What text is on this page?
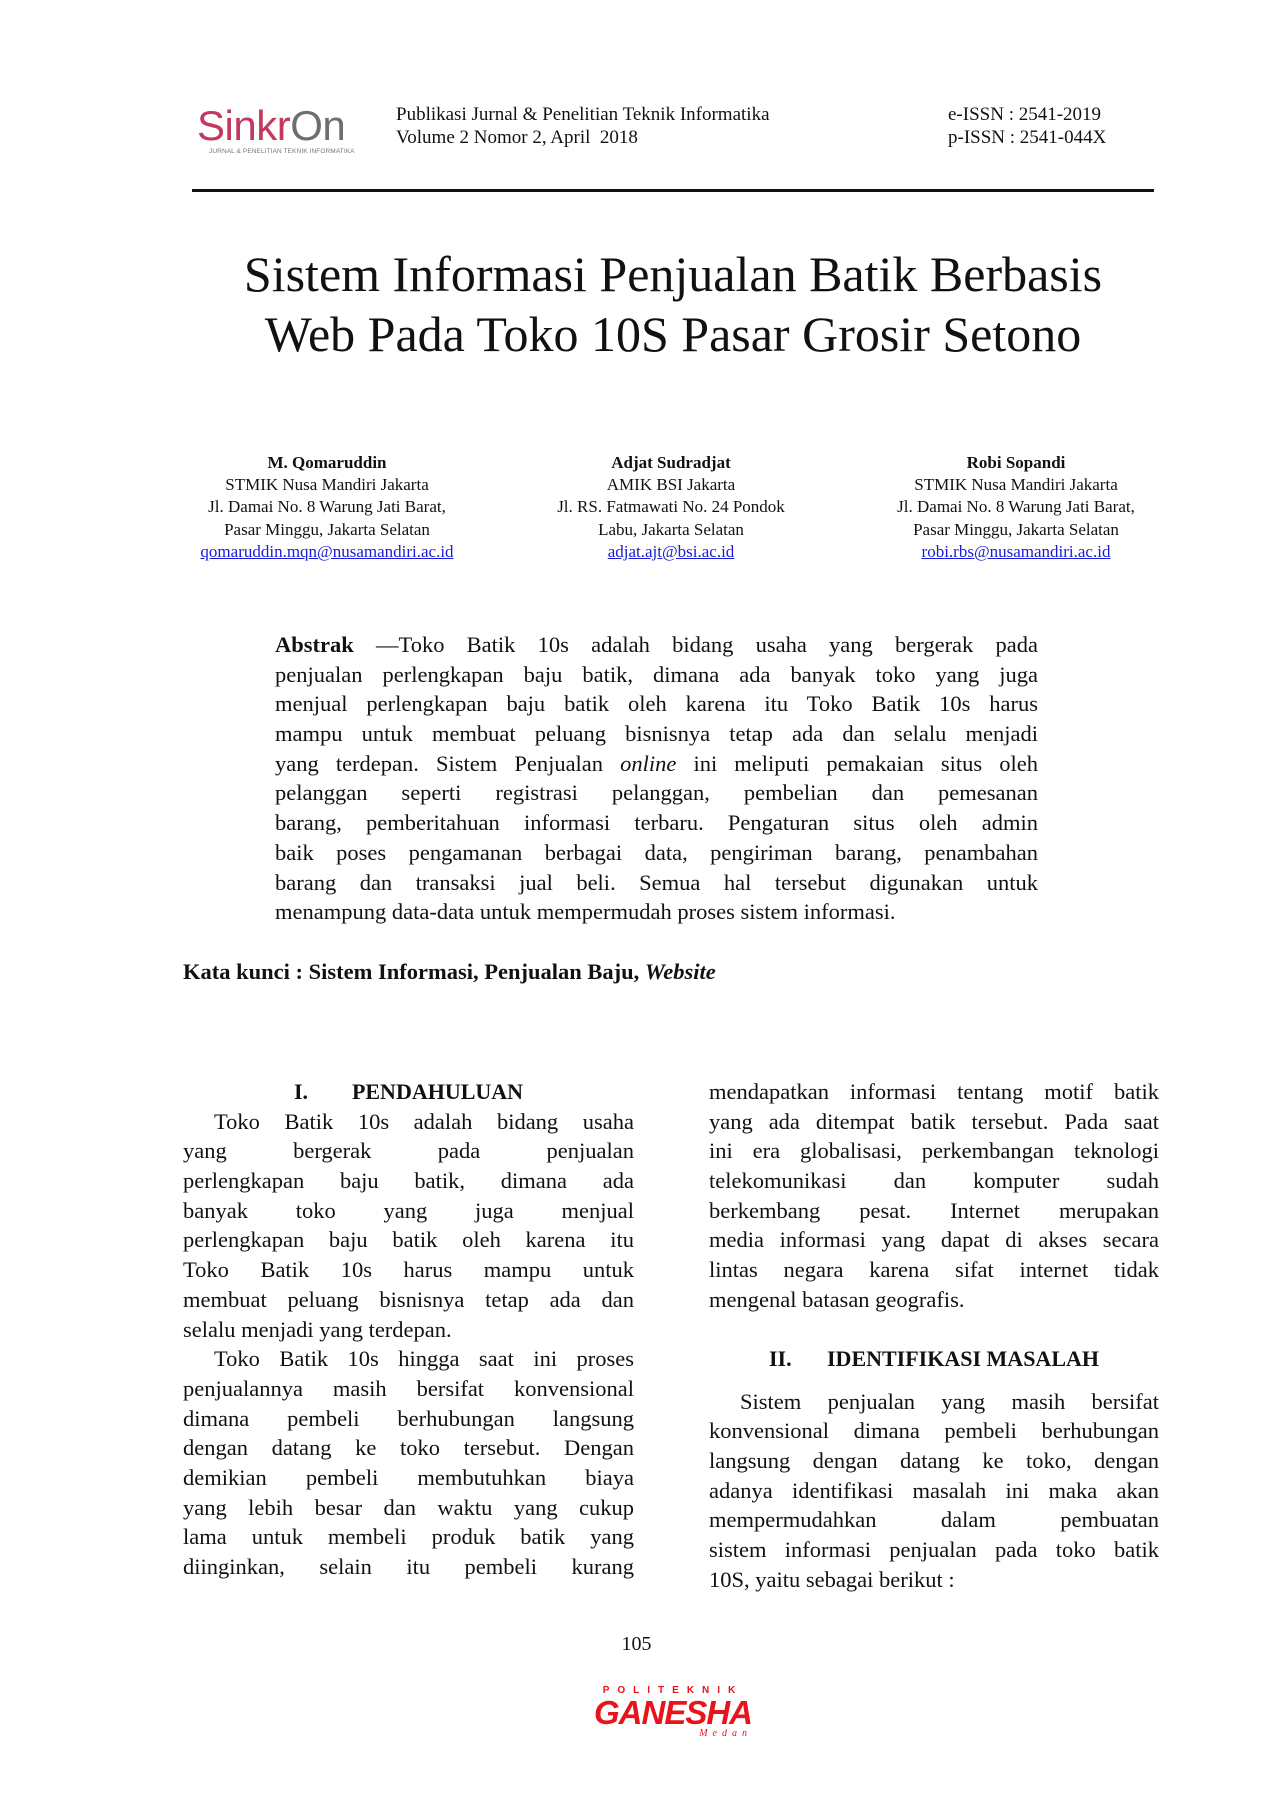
SinkrOn
JURNAL & PENELITIAN TEKNIK INFORMATIKA
Publikasi Jurnal & Penelitian Teknik Informatika
Volume 2 Nomor 2, April  2018
e-ISSN : 2541-2019
p-ISSN : 2541-044X
Sistem Informasi Penjualan Batik Berbasis
Web Pada Toko 10S Pasar Grosir Setono
M. Qomaruddin
STMIK Nusa Mandiri Jakarta
Jl. Damai No. 8 Warung Jati Barat,
Pasar Minggu, Jakarta Selatan
qomaruddin.mqn@nusamandiri.ac.id
Adjat Sudradjat
AMIK BSI Jakarta
Jl. RS. Fatmawati No. 24 Pondok
Labu, Jakarta Selatan
adjat.ajt@bsi.ac.id
Robi Sopandi
STMIK Nusa Mandiri Jakarta
Jl. Damai No. 8 Warung Jati Barat,
Pasar Minggu, Jakarta Selatan
robi.rbs@nusamandiri.ac.id
Abstrak —Toko Batik 10s adalah bidang usaha yang bergerak pada
penjualan perlengkapan baju batik, dimana ada banyak toko yang juga
menjual perlengkapan baju batik oleh karena itu Toko Batik 10s harus
mampu untuk membuat peluang bisnisnya tetap ada dan selalu menjadi
yang terdepan. Sistem Penjualan online ini meliputi pemakaian situs oleh
pelanggan seperti registrasi pelanggan, pembelian dan pemesanan
barang, pemberitahuan informasi terbaru. Pengaturan situs oleh admin
baik poses pengamanan berbagai data, pengiriman barang, penambahan
barang dan transaksi jual beli. Semua hal tersebut digunakan untuk
menampung data-data untuk mempermudah proses sistem informasi.
Kata kunci : Sistem Informasi, Penjualan Baju, Website
I. PENDAHULUAN
Toko Batik 10s adalah bidang usaha
yang bergerak pada penjualan
perlengkapan baju batik, dimana ada
banyak toko yang juga menjual
perlengkapan baju batik oleh karena itu
Toko Batik 10s harus mampu untuk
membuat peluang bisnisnya tetap ada dan
selalu menjadi yang terdepan.
Toko Batik 10s hingga saat ini proses
penjualannya masih bersifat konvensional
dimana pembeli berhubungan langsung
dengan datang ke toko tersebut. Dengan
demikian pembeli membutuhkan biaya
yang lebih besar dan waktu yang cukup
lama untuk membeli produk batik yang
diinginkan, selain itu pembeli kurang
mendapatkan informasi tentang motif batik
yang ada ditempat batik tersebut. Pada saat
ini era globalisasi, perkembangan teknologi
telekomunikasi dan komputer sudah
berkembang pesat. Internet merupakan
media informasi yang dapat di akses secara
lintas negara karena sifat internet tidak
mengenal batasan geografis.
II. IDENTIFIKASI MASALAH
Sistem penjualan yang masih bersifat
konvensional dimana pembeli berhubungan
langsung dengan datang ke toko, dengan
adanya identifikasi masalah ini maka akan
mempermudahkan dalam pembuatan
sistem informasi penjualan pada toko batik
10S, yaitu sebagai berikut :
105
POLITEKNIK
GANESHA
Medan
